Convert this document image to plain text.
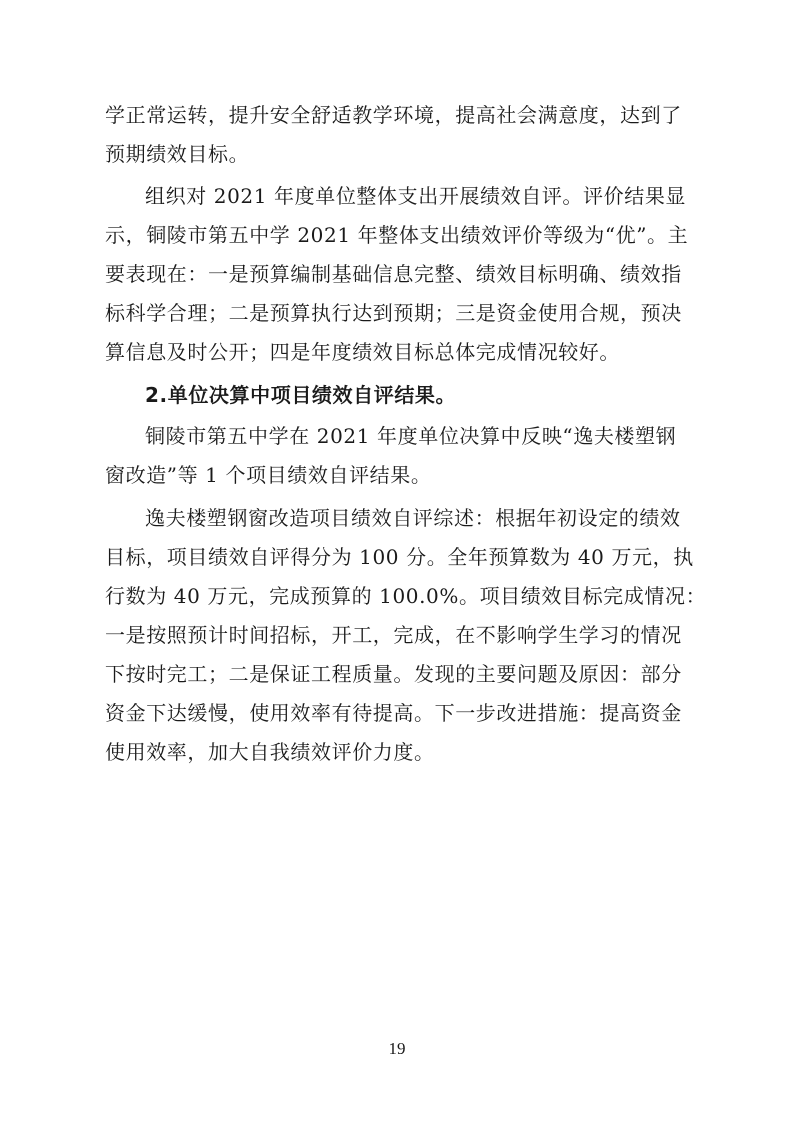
学正常运转，提升安全舒适教学环境，提高社会满意度，达到了
预期绩效目标。
组织对 2021 年度单位整体支出开展绩效自评。评价结果显
示，铜陵市第五中学 2021 年整体支出绩效评价等级为“优”。主
要表现在：一是预算编制基础信息完整、绩效目标明确、绩效指
标科学合理；二是预算执行达到预期；三是资金使用合规，预决
算信息及时公开；四是年度绩效目标总体完成情况较好。
2.单位决算中项目绩效自评结果。
铜陵市第五中学在 2021 年度单位决算中反映“逸夫楼塑钢
窗改造”等 1 个项目绩效自评结果。
逸夫楼塑钢窗改造项目绩效自评综述：根据年初设定的绩效
目标，项目绩效自评得分为 100 分。全年预算数为 40 万元，执
行数为 40 万元，完成预算的 100.0%。项目绩效目标完成情况：
一是按照预计时间招标，开工，完成，在不影响学生学习的情况
下按时完工；二是保证工程质量。发现的主要问题及原因：部分
资金下达缓慢，使用效率有待提高。下一步改进措施：提高资金
使用效率，加大自我绩效评价力度。
19
